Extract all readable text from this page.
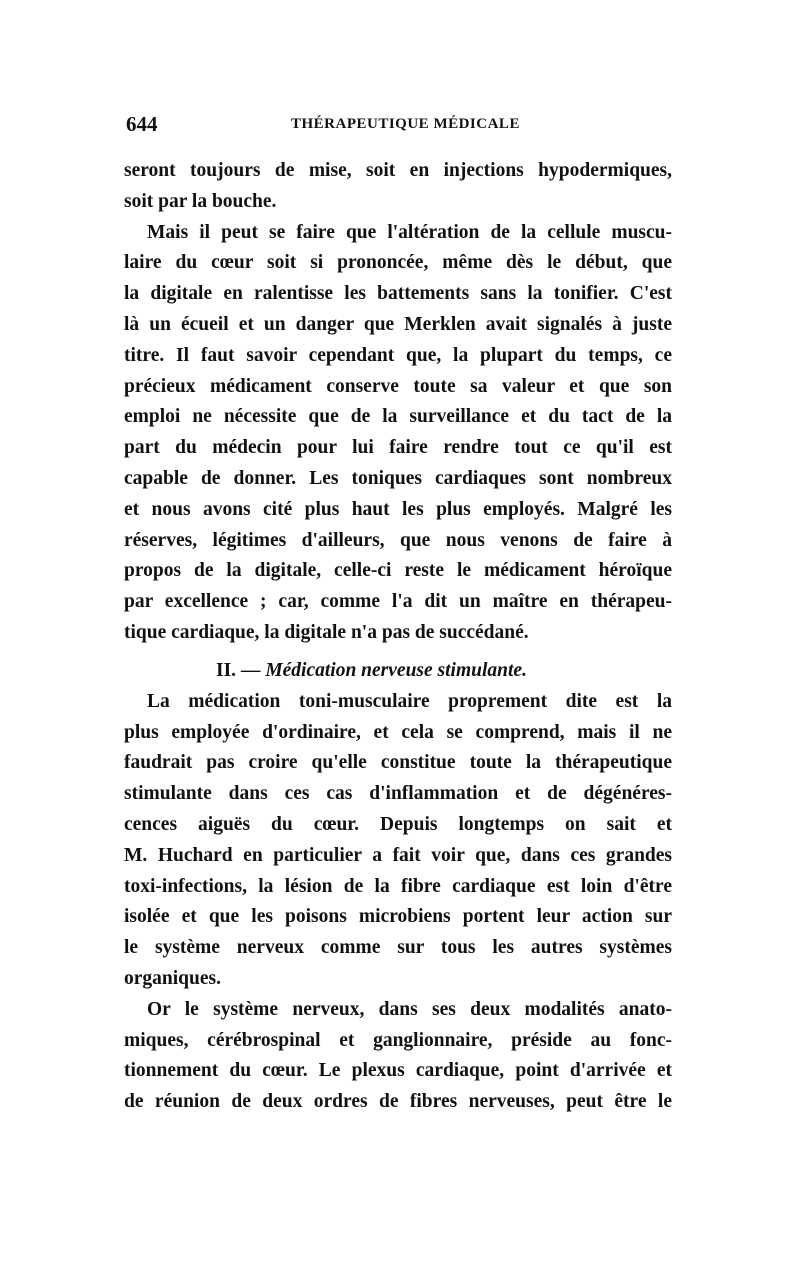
644	THÉRAPEUTIQUE MÉDICALE
seront toujours de mise, soit en injections hypodermiques,
soit par la bouche.
Mais il peut se faire que l'altération de la cellule muscu-
laire du cœur soit si prononcée, même dès le début, que
la digitale en ralentisse les battements sans la tonifier. C'est
là un écueil et un danger que Merklen avait signalés à juste
titre. Il faut savoir cependant que, la plupart du temps, ce
précieux médicament conserve toute sa valeur et que son
emploi ne nécessite que de la surveillance et du tact de la
part du médecin pour lui faire rendre tout ce qu'il est
capable de donner. Les toniques cardiaques sont nombreux
et nous avons cité plus haut les plus employés. Malgré les
réserves, légitimes d'ailleurs, que nous venons de faire à
propos de la digitale, celle-ci reste le médicament héroïque
par excellence ; car, comme l'a dit un maître en thérapeu-
tique cardiaque, la digitale n'a pas de succédané.
II. — Médication nerveuse stimulante.
La médication toni-musculaire proprement dite est la
plus employée d'ordinaire, et cela se comprend, mais il ne
faudrait pas croire qu'elle constitue toute la thérapeutique
stimulante dans ces cas d'inflammation et de dégénéres-
cences aiguës du cœur. Depuis longtemps on sait et
M. Huchard en particulier a fait voir que, dans ces grandes
toxi-infections, la lésion de la fibre cardiaque est loin d'être
isolée et que les poisons microbiens portent leur action sur
le système nerveux comme sur tous les autres systèmes
organiques.
Or le système nerveux, dans ses deux modalités anato-
miques, cérébrospinal et ganglionnaire, préside au fonc-
tionnement du cœur. Le plexus cardiaque, point d'arrivée et
de réunion de deux ordres de fibres nerveuses, peut être le
